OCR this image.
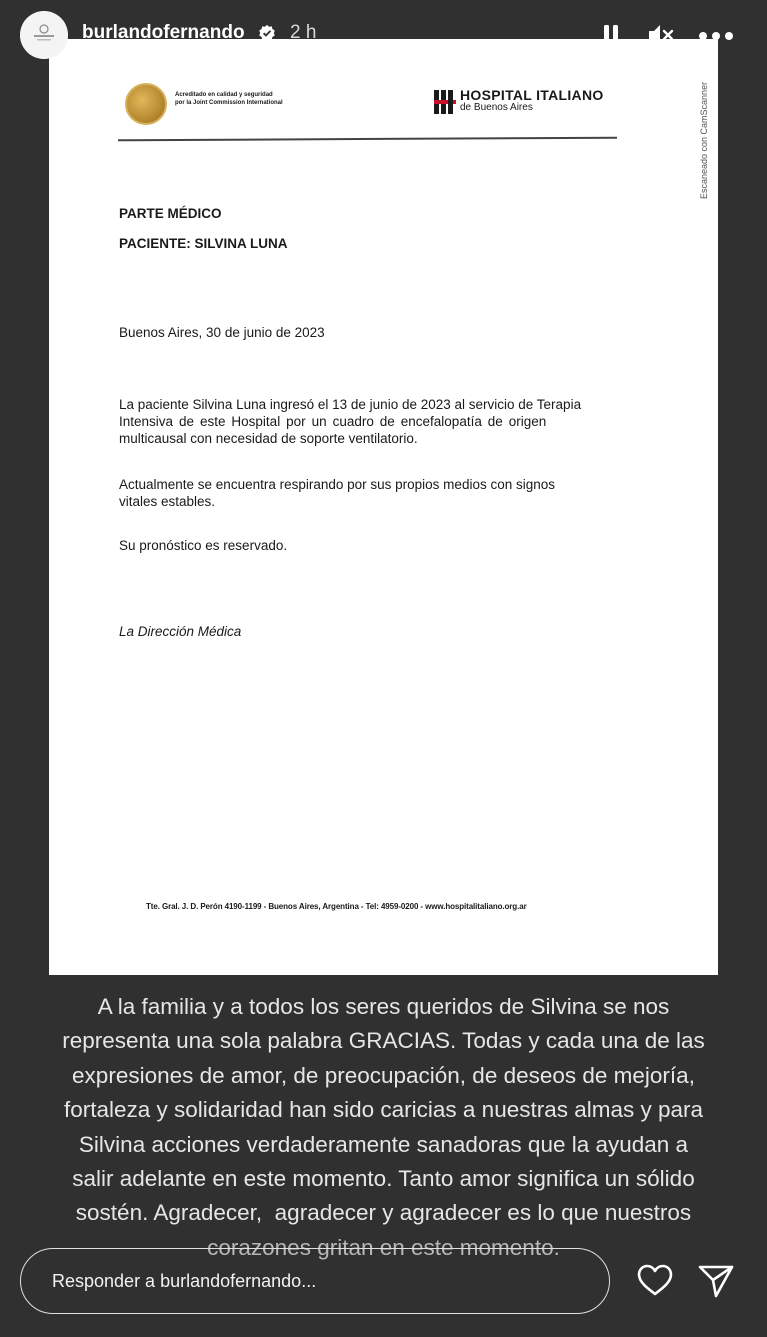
burlandofernando 2 h
Acreditado en calidad y seguridad
por la Joint Commission International	HOSPITAL ITALIANO
de Buenos Aires	Escaneado con CamScanner
PARTE MÉDICO
PACIENTE: SILVINA LUNA
Buenos Aires, 30 de junio de 2023
La paciente Silvina Luna ingresó el 13 de junio de 2023 al servicio de Terapia
Intensiva de este Hospital por un cuadro de encefalopatía de origen
multicausal con necesidad de soporte ventilatorio.
Actualmente se encuentra respirando por sus propios medios con signos
vitales estables.
Su pronóstico es reservado.
La Dirección Médica
Tte. Gral. J. D. Perón 4190-1199 - Buenos Aires, Argentina - Tel: 4959-0200 - www.hospitalitaliano.org.ar
A la familia y a todos los seres queridos de Silvina se nos
representa una sola palabra GRACIAS. Todas y cada una de las
expresiones de amor, de preocupación, de deseos de mejoría,
fortaleza y solidaridad han sido caricias a nuestras almas y para
Silvina acciones verdaderamente sanadoras que la ayudan a
salir adelante en este momento. Tanto amor significa un sólido
sostén. Agradecer,  agradecer y agradecer es lo que nuestros
corazones gritan en este momento.
Responder a burlandofernando...
